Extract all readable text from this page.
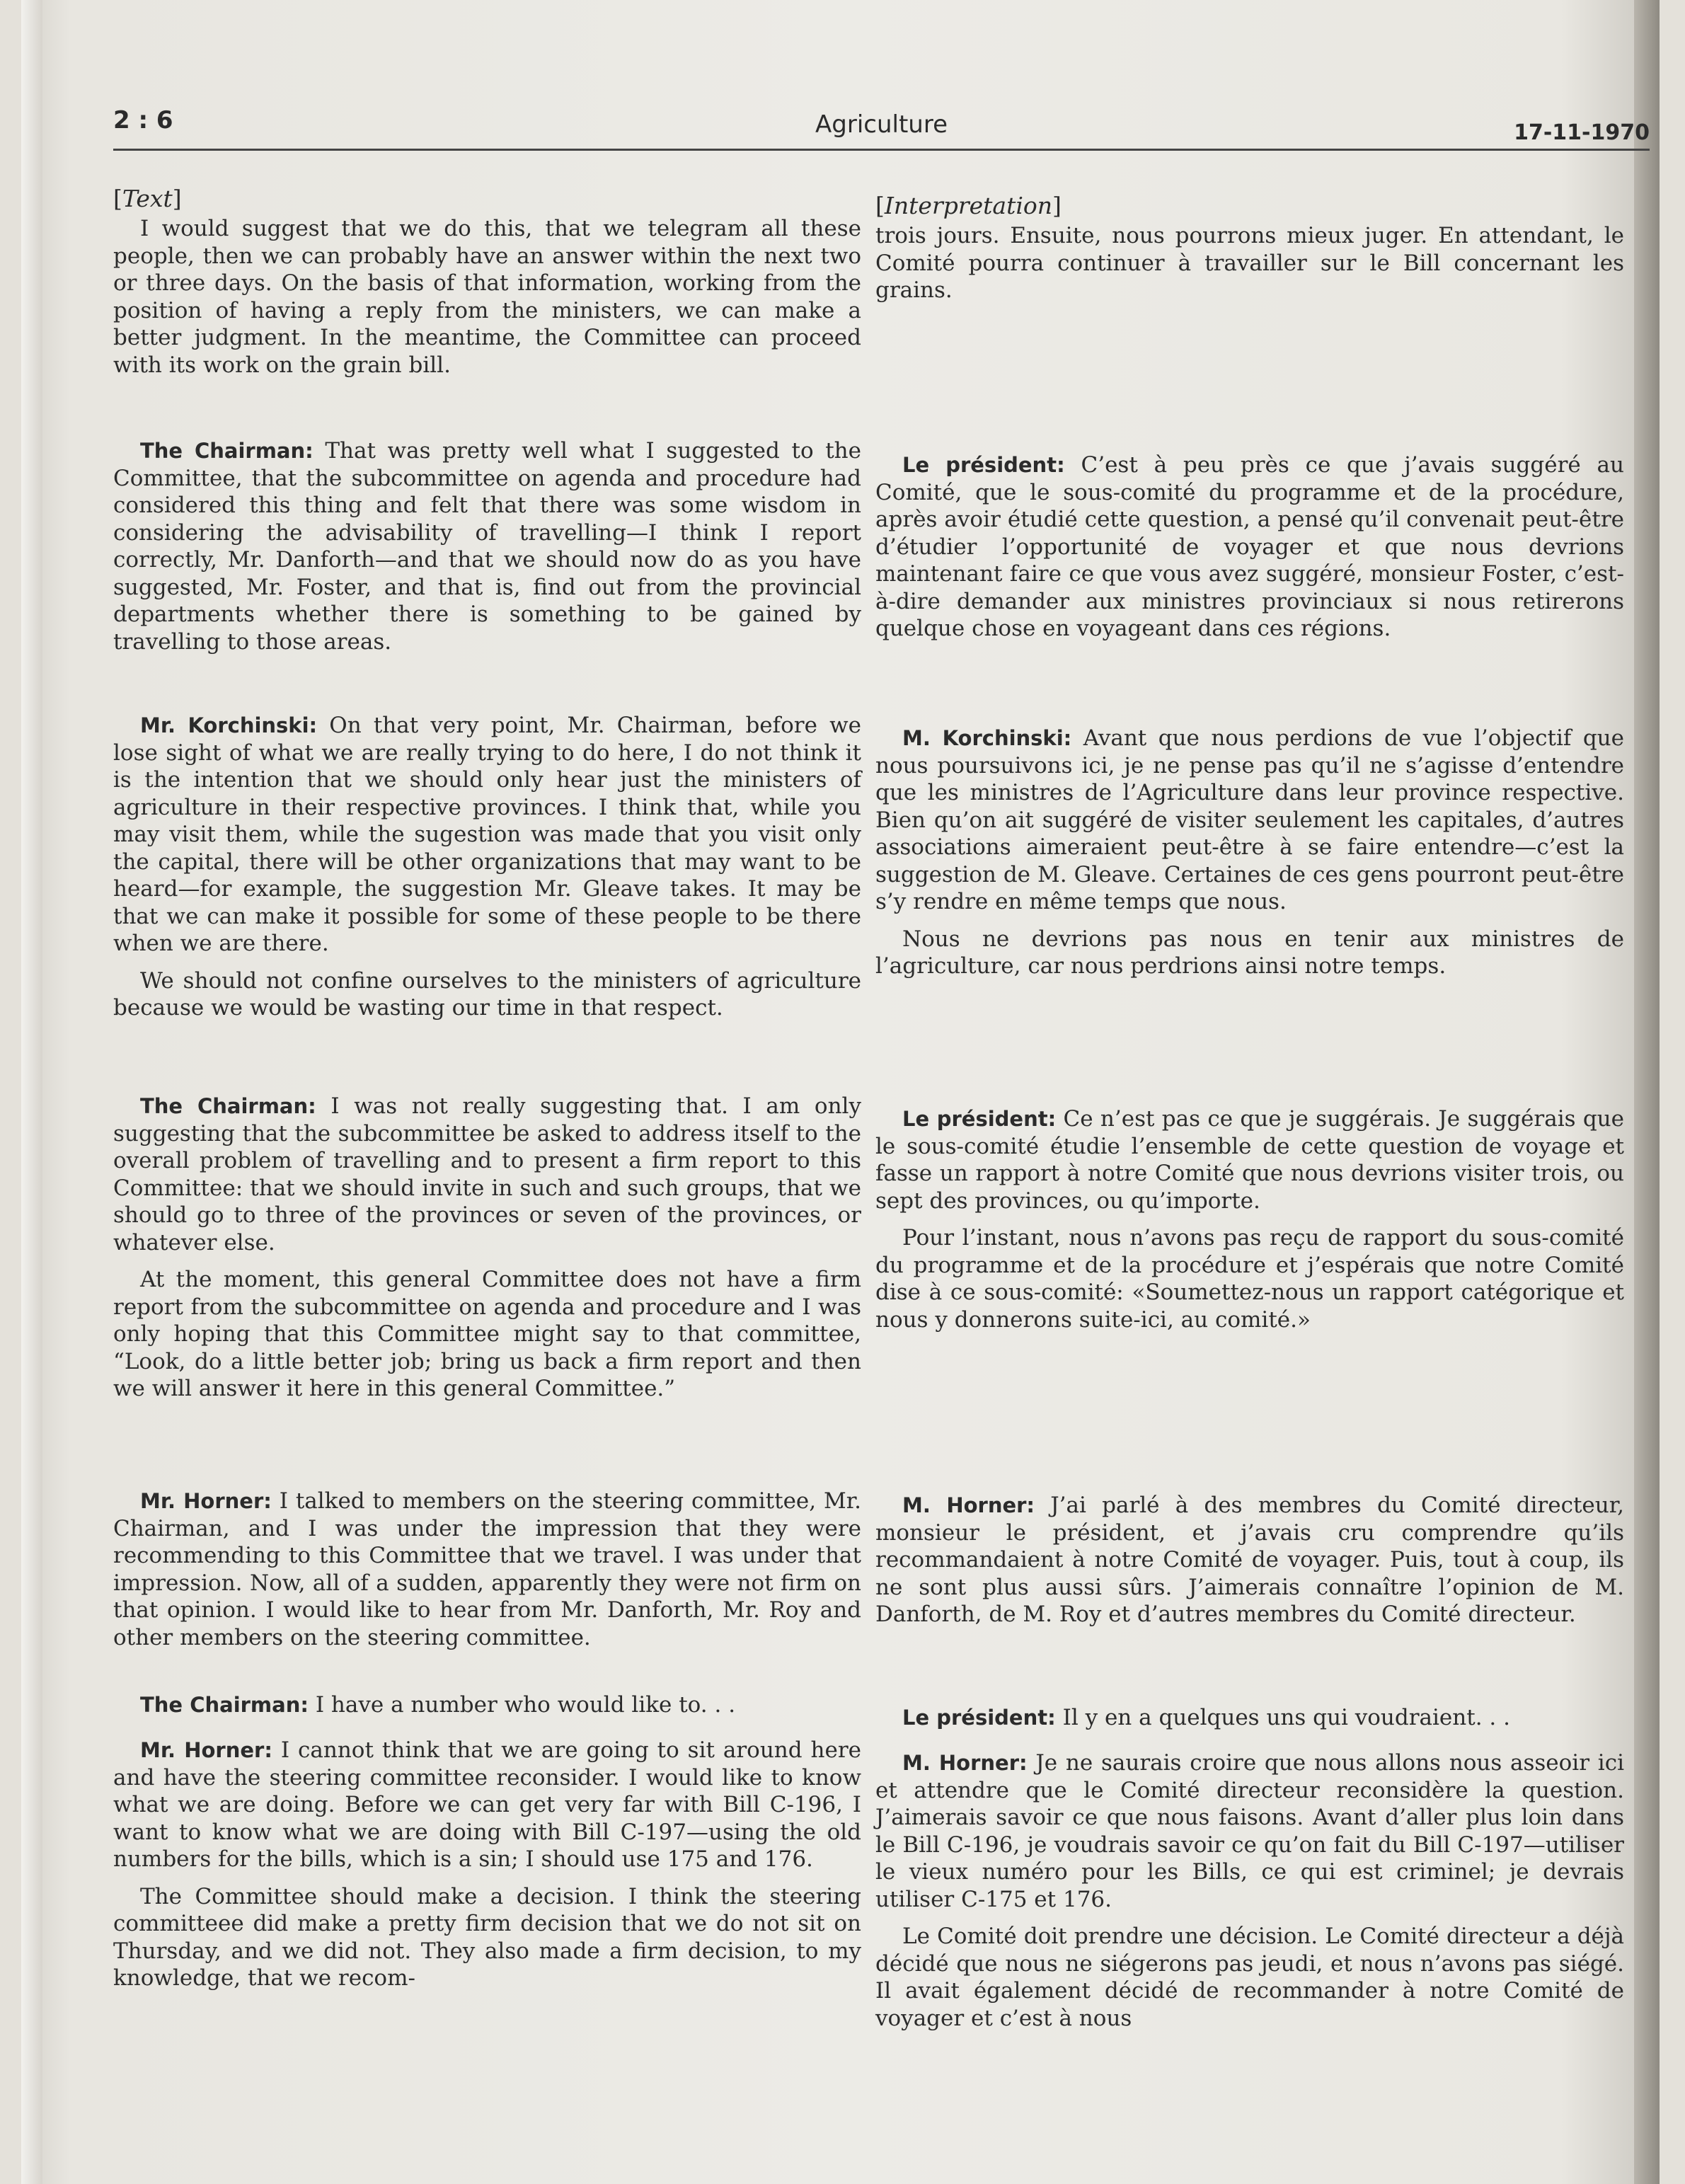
2 : 6	Agriculture	17-11-1970
[Text]

I would suggest that we do this, that we telegram all these people, then we can probably have an answer within the next two or three days. On the basis of that information, working from the position of having a reply from the ministers, we can make a better judgment. In the meantime, the Committee can proceed with its work on the grain bill.

The Chairman: That was pretty well what I suggested to the Committee, that the subcommittee on agenda and procedure had considered this thing and felt that there was some wisdom in considering the advisability of travelling—I think I report correctly, Mr. Danforth—and that we should now do as you have suggested, Mr. Foster, and that is, find out from the provincial departments whether there is something to be gained by travelling to those areas.

Mr. Korchinski: On that very point, Mr. Chairman, before we lose sight of what we are really trying to do here, I do not think it is the intention that we should only hear just the ministers of agriculture in their respective provinces. I think that, while you may visit them, while the sugestion was made that you visit only the capital, there will be other organizations that may want to be heard—for example, the suggestion Mr. Gleave takes. It may be that we can make it possible for some of these people to be there when we are there.

We should not confine ourselves to the ministers of agriculture because we would be wasting our time in that respect.

The Chairman: I was not really suggesting that. I am only suggesting that the subcommittee be asked to address itself to the overall problem of travelling and to present a firm report to this Committee: that we should invite in such and such groups, that we should go to three of the provinces or seven of the provinces, or whatever else.

At the moment, this general Committee does not have a firm report from the subcommittee on agenda and procedure and I was only hoping that this Committee might say to that committee, “Look, do a little better job; bring us back a firm report and then we will answer it here in this general Committee.”

Mr. Horner: I talked to members on the steering committee, Mr. Chairman, and I was under the impression that they were recommending to this Committee that we travel. I was under that impression. Now, all of a sudden, apparently they were not firm on that opinion. I would like to hear from Mr. Danforth, Mr. Roy and other members on the steering committee.

The Chairman: I have a number who would like to. . .

Mr. Horner: I cannot think that we are going to sit around here and have the steering committee reconsider. I would like to know what we are doing. Before we can get very far with Bill C-196, I want to know what we are doing with Bill C-197—using the old numbers for the bills, which is a sin; I should use 175 and 176.

The Committee should make a decision. I think the steering committeee did make a pretty firm decision that we do not sit on Thursday, and we did not. They also made a firm decision, to my knowledge, that we recom-

[Interpretation]

trois jours. Ensuite, nous pourrons mieux juger. En attendant, le Comité pourra continuer à travailler sur le Bill concernant les grains.

Le président: C’est à peu près ce que j’avais suggéré au Comité, que le sous-comité du programme et de la procédure, après avoir étudié cette question, a pensé qu’il convenait peut-être d’étudier l’opportunité de voyager et que nous devrions maintenant faire ce que vous avez suggéré, monsieur Foster, c’est-à-dire demander aux ministres provinciaux si nous retirerons quelque chose en voyageant dans ces régions.

M. Korchinski: Avant que nous perdions de vue l’objectif que nous poursuivons ici, je ne pense pas qu’il ne s’agisse d’entendre que les ministres de l’Agriculture dans leur province respective. Bien qu’on ait suggéré de visiter seulement les capitales, d’autres associations aimeraient peut-être à se faire entendre—c’est la suggestion de M. Gleave. Certaines de ces gens pourront peut-être s’y rendre en même temps que nous.

Nous ne devrions pas nous en tenir aux ministres de l’agriculture, car nous perdrions ainsi notre temps.

Le président: Ce n’est pas ce que je suggérais. Je suggérais que le sous-comité étudie l’ensemble de cette question de voyage et fasse un rapport à notre Comité que nous devrions visiter trois, ou sept des provinces, ou qu’importe.

Pour l’instant, nous n’avons pas reçu de rapport du sous-comité du programme et de la procédure et j’espérais que notre Comité dise à ce sous-comité: «Soumettez-nous un rapport catégorique et nous y donnerons suite-ici, au comité.»

M. Horner: J’ai parlé à des membres du Comité directeur, monsieur le président, et j’avais cru comprendre qu’ils recommandaient à notre Comité de voyager. Puis, tout à coup, ils ne sont plus aussi sûrs. J’aimerais connaître l’opinion de M. Danforth, de M. Roy et d’autres membres du Comité directeur.

Le président: Il y en a quelques uns qui voudraient. . .

M. Horner: Je ne saurais croire que nous allons nous asseoir ici et attendre que le Comité directeur reconsidère la question. J’aimerais savoir ce que nous faisons. Avant d’aller plus loin dans le Bill C-196, je voudrais savoir ce qu’on fait du Bill C-197—utiliser le vieux numéro pour les Bills, ce qui est criminel; je devrais utiliser C-175 et 176.

Le Comité doit prendre une décision. Le Comité directeur a déjà décidé que nous ne siégerons pas jeudi, et nous n’avons pas siégé. Il avait également décidé de recommander à notre Comité de voyager et c’est à nous
